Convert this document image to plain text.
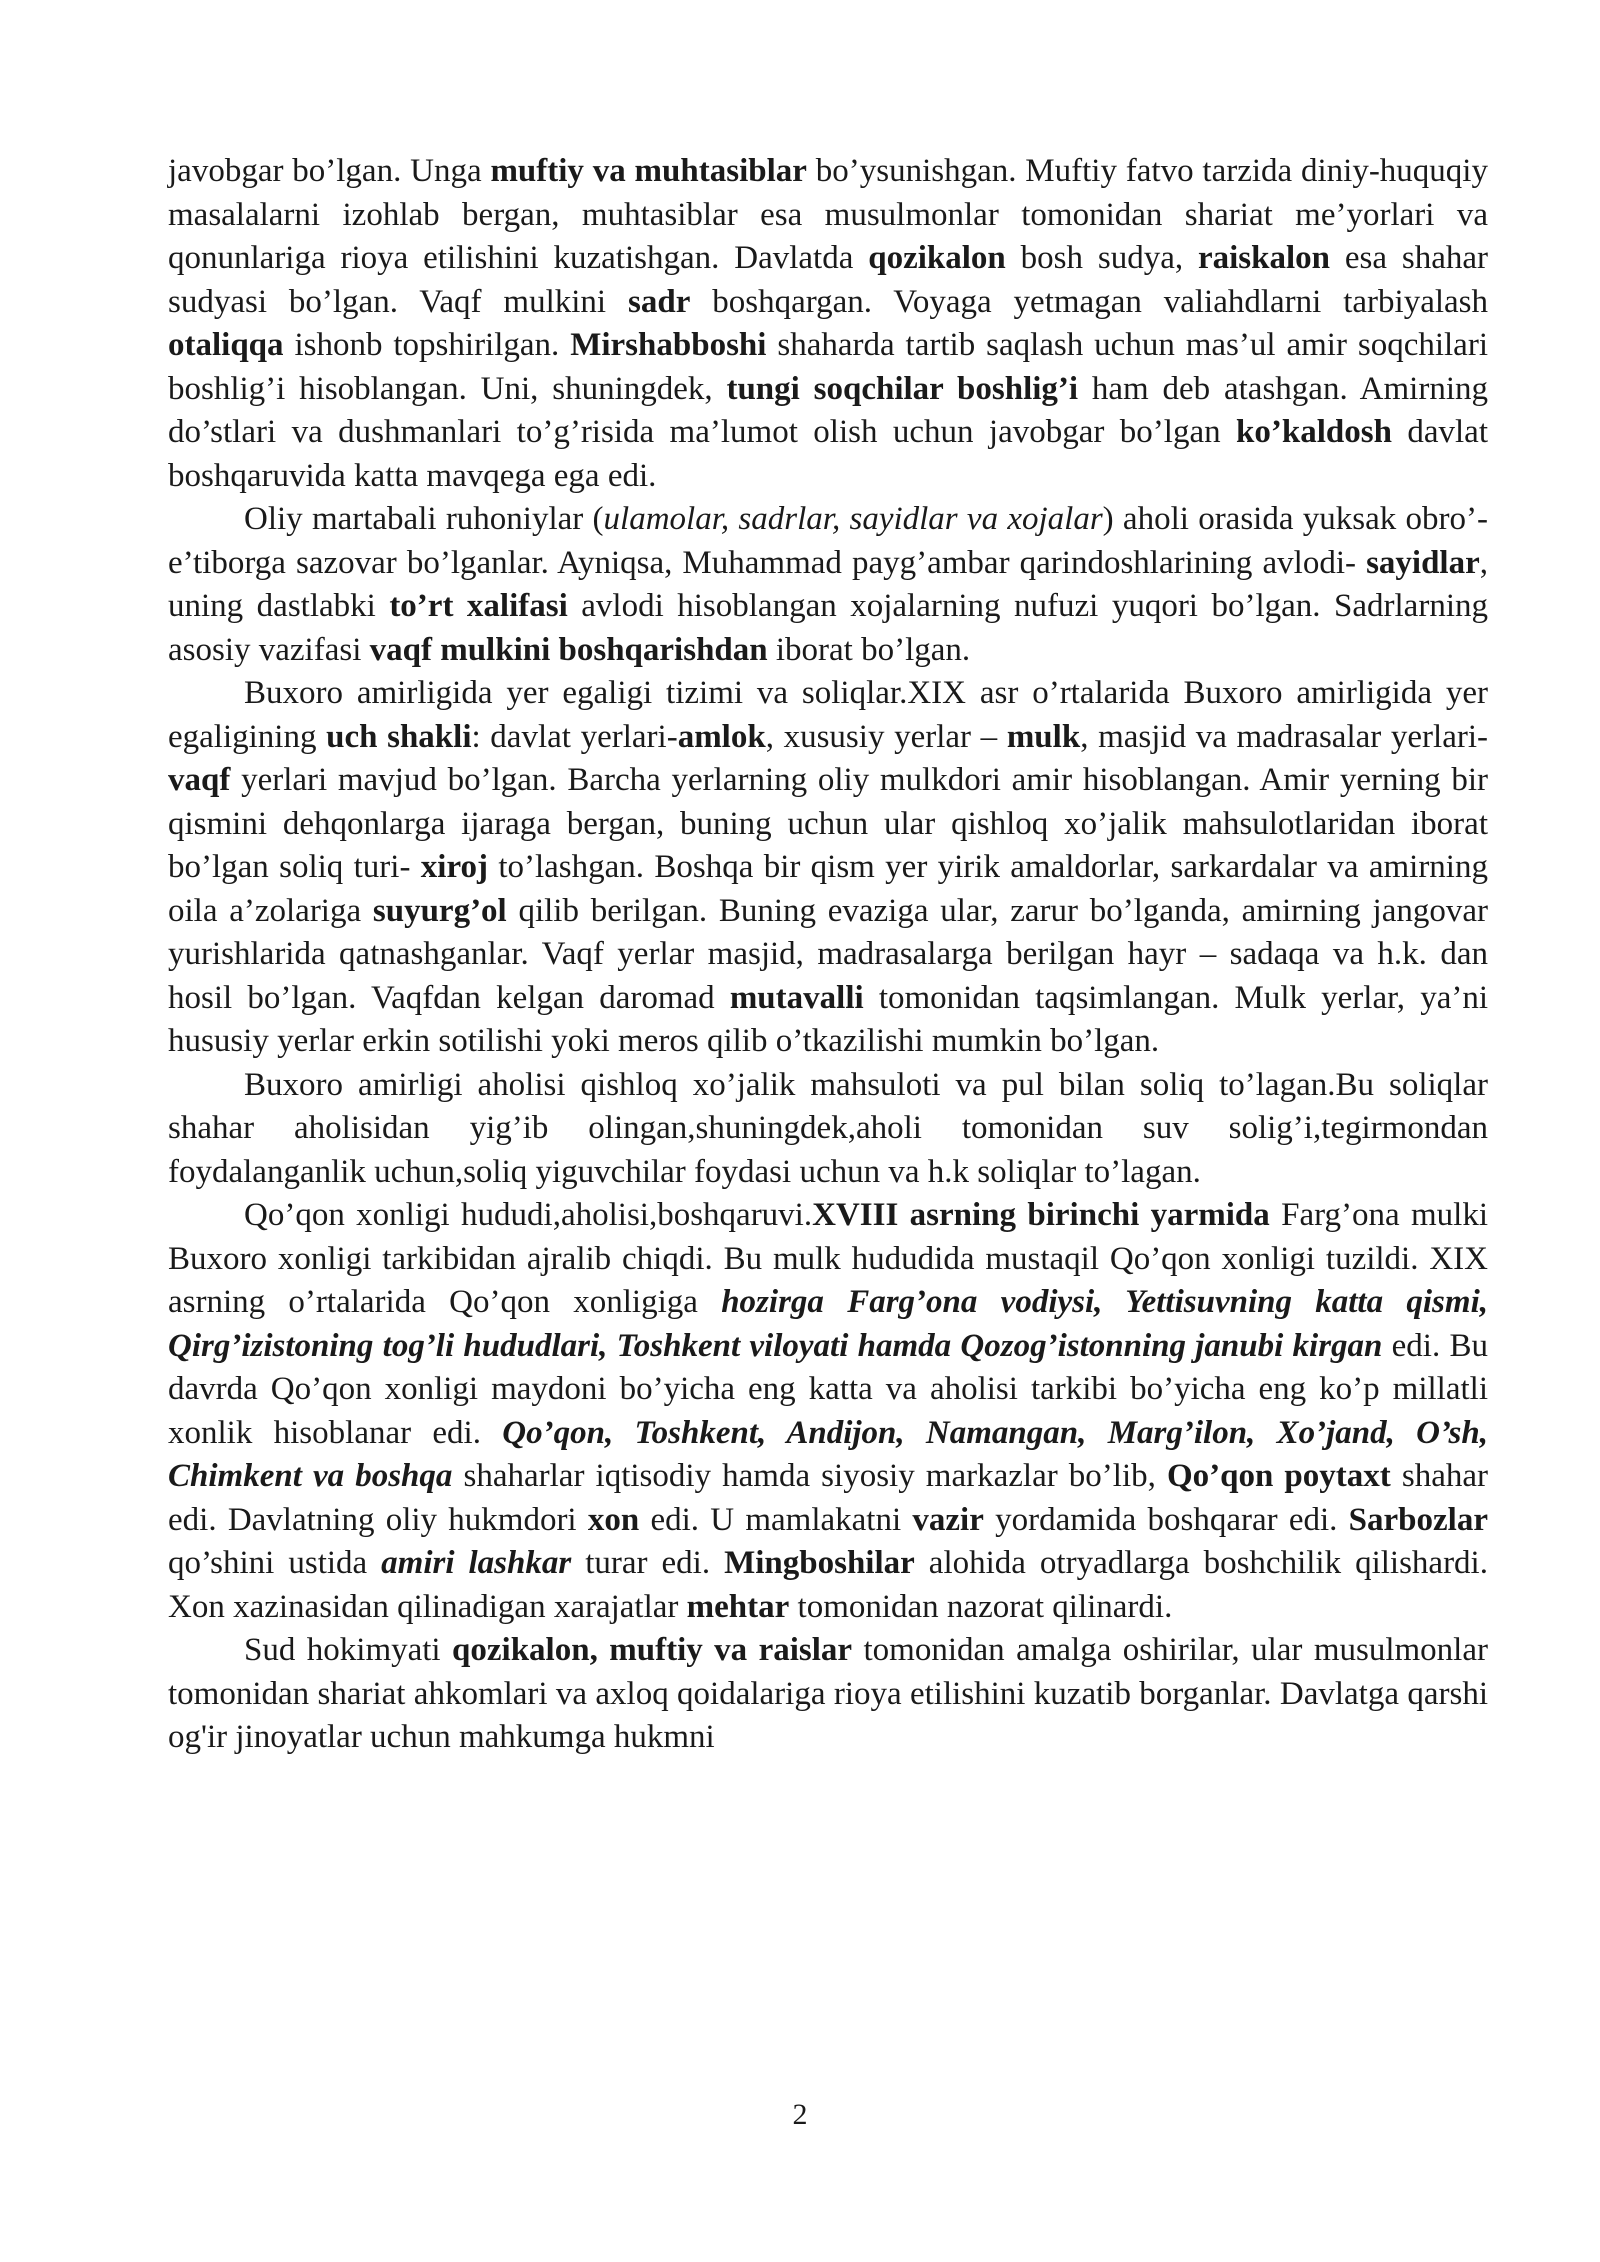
javobgar bo’lgan. Unga muftiy va muhtasiblar bo’ysunishgan. Muftiy fatvo tarzida diniy-huquqiy masalalarni izohlab bergan, muhtasiblar esa musulmonlar tomonidan shariat me’yorlari va qonunlariga rioya etilishini kuzatishgan. Davlatda qozikalon bosh sudya, raiskalon esa shahar sudyasi bo’lgan. Vaqf mulkini sadr boshqargan. Voyaga yetmagan valiahdlarni tarbiyalash otaliqqa ishonb topshirilgan. Mirshabboshi shaharda tartib saqlash uchun mas’ul amir soqchilari boshlig’i hisoblangan. Uni, shuningdek, tungi soqchilar boshlig’i ham deb atashgan. Amirning do’stlari va dushmanlari to’g’risida ma’lumot olish uchun javobgar bo’lgan ko’kaldosh davlat boshqaruvida katta mavqega ega edi.

Oliy martabali ruhoniylar (ulamolar, sadrlar, sayidlar va xojalar) aholi orasida yuksak obro’-e’tiborga sazovar bo’lganlar. Ayniqsa, Muhammad payg’ambar qarindoshlarining avlodi- sayidlar, uning dastlabki to’rt xalifasi avlodi hisoblangan xojalarning nufuzi yuqori bo’lgan. Sadrlarning asosiy vazifasi vaqf mulkini boshqarishdan iborat bo’lgan.

Buxoro amirligida yer egaligi tizimi va soliqlar.XIX asr o’rtalarida Buxoro amirligida yer egaligining uch shakli: davlat yerlari-amlok, xususiy yerlar – mulk, masjid va madrasalar yerlari- vaqf yerlari mavjud bo’lgan. Barcha yerlarning oliy mulkdori amir hisoblangan. Amir yerning bir qismini dehqonlarga ijaraga bergan, buning uchun ular qishloq xo’jalik mahsulotlaridan iborat bo’lgan soliq turi- xiroj to’lashgan. Boshqa bir qism yer yirik amaldorlar, sarkardalar va amirning oila a’zolariga suyurg’ol qilib berilgan. Buning evaziga ular, zarur bo’lganda, amirning jangovar yurishlarida qatnashganlar. Vaqf yerlar masjid, madrasalarga berilgan hayr – sadaqa va h.k. dan hosil bo’lgan. Vaqfdan kelgan daromad mutavalli tomonidan taqsimlangan. Mulk yerlar, ya’ni hususiy yerlar erkin sotilishi yoki meros qilib o’tkazilishi mumkin bo’lgan.

Buxoro amirligi aholisi qishloq xo’jalik mahsuloti va pul bilan soliq to’lagan.Bu soliqlar shahar aholisidan yig’ib olingan,shuningdek,aholi tomonidan suv solig’i,tegirmondan foydalanganlik uchun,soliq yiguvchilar foydasi uchun va h.k soliqlar to’lagan.

Qo’qon xonligi hududi,aholisi,boshqaruvi.XVIII asrning birinchi yarmida Farg’ona mulki Buxoro xonligi tarkibidan ajralib chiqdi. Bu mulk hududida mustaqil Qo’qon xonligi tuzildi. XIX asrning o’rtalarida Qo’qon xonligiga hozirga Farg’ona vodiysi, Yettisuvning katta qismi, Qirg’izistoning tog’li hududlari, Toshkent viloyati hamda Qozog’istonning janubi kirgan edi. Bu davrda Qo’qon xonligi maydoni bo’yicha eng katta va aholisi tarkibi bo’yicha eng ko’p millatli xonlik hisoblanar edi. Qo’qon, Toshkent, Andijon, Namangan, Marg’ilon, Xo’jand, O’sh, Chimkent va boshqa shaharlar iqtisodiy hamda siyosiy markazlar bo’lib, Qo’qon poytaxt shahar edi. Davlatning oliy hukmdori xon edi. U mamlakatni vazir yordamida boshqarar edi. Sarbozlar qo’shini ustida amiri lashkar turar edi. Mingboshilar alohida otryadlarga boshchilik qilishardi. Xon xazinasidan qilinadigan xarajatlar mehtar tomonidan nazorat qilinardi.

Sud hokimyati qozikalon, muftiy va raislar tomonidan amalga oshirilar, ular musulmonlar tomonidan shariat ahkomlari va axloq qoidalariga rioya etilishini kuzatib borganlar. Davlatga qarshi og'ir jinoyatlar uchun mahkumga hukmni

2
